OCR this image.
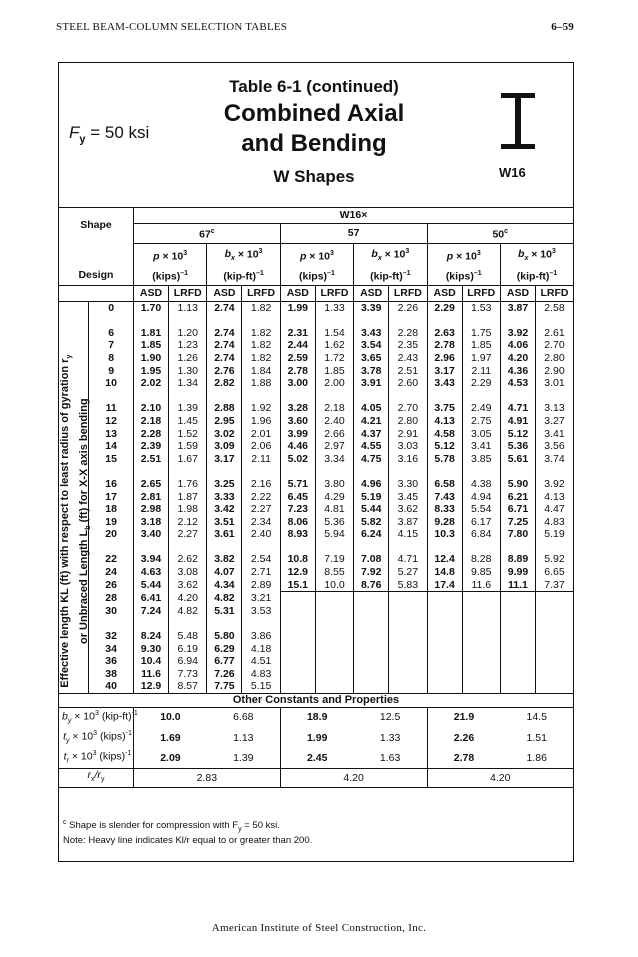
STEEL BEAM-COLUMN SELECTION TABLES	6–59
$F_y = 50$ ksi
Table 6-1 (continued)
Combined Axial
and Bending
W Shapes	W16
Shape		W16×											
		67$^c$				57				50$^c$
		$p \times 10^3$		$b_x \times 10^3$		$p \times 10^3$		$b_x \times 10^3$		$p \times 10^3$		$b_x \times 10^3$
Design		(kips)$^{-1}$		$(kip-ft)^{-1}$		(kips)$^{-1}$		$(kip-ft)^{-1}$		(kips)$^{-1}$		$(kip-ft)^{-1}$
		ASD	LRFD	ASD	LRFD	ASD	LRFD	ASD	LRFD	ASD	LRFD	ASD	LRFD

Effective length KL (ft) with respect to least radius of gyration $r_y$
or Unbraced Length $L_b$ (ft) for X-X axis bending	0	1.70	1.13	2.74	1.82	1.99	1.33	3.39	2.26	2.29	1.53	3.87	2.58

	6	1.81	1.20	2.74	1.82	2.31	1.54	3.43	2.28	2.63	1.75	3.92	2.61
	7	1.85	1.23	2.74	1.82	2.44	1.62	3.54	2.35	2.78	1.85	4.06	2.70
	8	1.90	1.26	2.74	1.82	2.59	1.72	3.65	2.43	2.96	1.97	4.20	2.80
	9	1.95	1.30	2.76	1.84	2.78	1.85	3.78	2.51	3.17	2.11	4.36	2.90
	10	2.02	1.34	2.82	1.88	3.00	2.00	3.91	2.60	3.43	2.29	4.53	3.01

	11	2.10	1.39	2.88	1.92	3.28	2.18	4.05	2.70	3.75	2.49	4.71	3.13
	12	2.18	1.45	2.95	1.96	3.60	2.40	4.21	2.80	4.13	2.75	4.91	3.27
	13	2.28	1.52	3.02	2.01	3.99	2.66	4.37	2.91	4.58	3.05	5.12	3.41
	14	2.39	1.59	3.09	2.06	4.46	2.97	4.55	3.03	5.12	3.41	5.36	3.56
	15	2.51	1.67	3.17	2.11	5.02	3.34	4.75	3.16	5.78	3.85	5.61	3.74

	16	2.65	1.76	3.25	2.16	5.71	3.80	4.96	3.30	6.58	4.38	5.90	3.92
	17	2.81	1.87	3.33	2.22	6.45	4.29	5.19	3.45	7.43	4.94	6.21	4.13
	18	2.98	1.98	3.42	2.27	7.23	4.81	5.44	3.62	8.33	5.54	6.71	4.47
	19	3.18	2.12	3.51	2.34	8.06	5.36	5.82	3.87	9.28	6.17	7.25	4.83
	20	3.40	2.27	3.61	2.40	8.93	5.94	6.24	4.15	10.3	6.84	7.80	5.19

	22	3.94	2.62	3.82	2.54	10.8	7.19	7.08	4.71	12.4	8.28	8.89	5.92
	24	4.63	3.08	4.07	2.71	12.9	8.55	7.92	5.27	14.8	9.85	9.99	6.65
	26	5.44	3.62	4.34	2.89	15.1	10.0	8.76	5.83	17.4	11.6	11.1	7.37
	28	6.41	4.20	4.82	3.21								
	30	7.24	4.82	5.31	3.53								

	32	8.24	5.48	5.80	3.86								
	34	9.30	6.19	6.29	4.18								
	36	10.4	6.94	6.77	4.51								
	38	11.6	7.73	7.26	4.83								
	40	12.9	8.57	7.75	5.15								
Other Constants and Properties													
$b_y \times 10^3$ $(kip-ft)^{-1}$		10.0		6.68		18.9		12.5		21.9		14.5	
$t_y \times 10^3$ (kips)$^{-1}$		1.69		1.13		1.99		1.33		2.26		1.51	
$t_r \times 10^3$ (kips)$^{-1}$		2.09		1.39		2.45		1.63		2.78		1.86	
$r_x/r_y$		2.83				4.20				4.20			
$^c$ Shape is slender for compression with $F_y = 50$ ksi.
Note: Heavy line indicates Kl/r equal to or greater than 200.
American Institute of Steel Construction, Inc.
